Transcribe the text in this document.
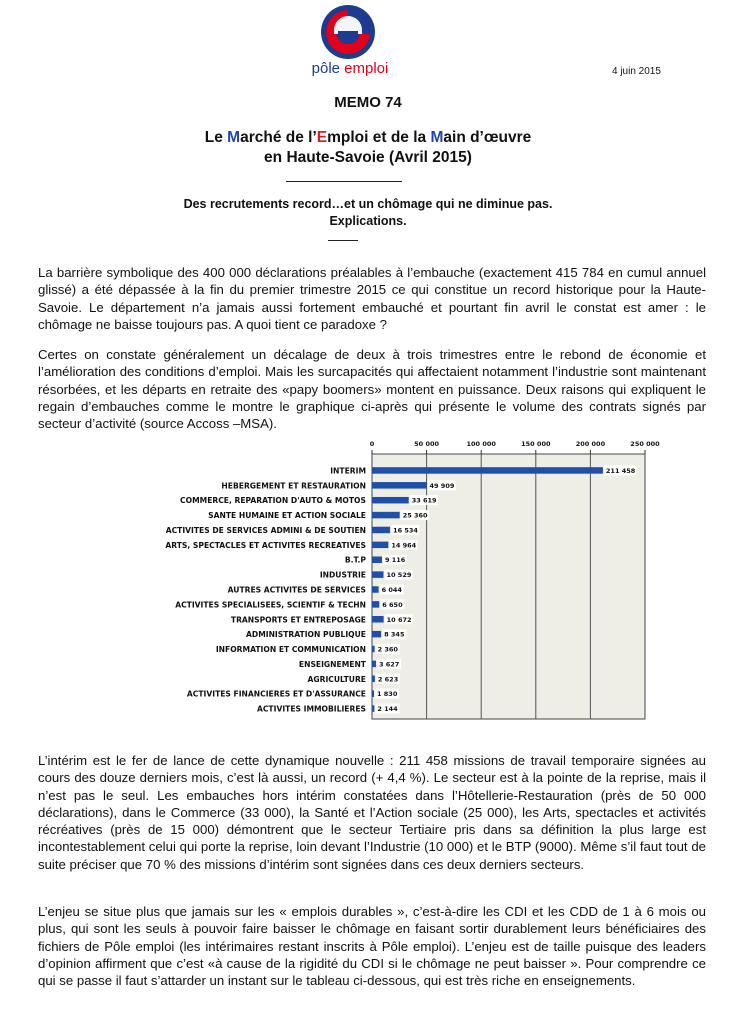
pôle emploi	4 juin 2015
MEMO 74
Le Marché de l’Emploi et de la Main d’œuvre
en Haute-Savoie (Avril 2015)
Des recrutements record…et un chômage qui ne diminue pas.
Explications.

La barrière symbolique des 400 000 déclarations préalables à l’embauche (exactement 415 784 en cumul annuel glissé) a été dépassée à la fin du premier trimestre 2015 ce qui constitue un record historique pour la Haute-Savoie. Le département n’a jamais aussi fortement embauché et pourtant fin avril le constat est amer : le chômage ne baisse toujours pas. A quoi tient ce paradoxe ?

Certes on constate généralement un décalage de deux à trois trimestres entre le rebond de économie et l’amélioration des conditions d’emploi. Mais les surcapacités qui affectaient notamment l’industrie sont maintenant résorbées, et les départs en retraite des «papy boomers» montent en puissance. Deux raisons qui expliquent le regain d’embauches comme le montre le graphique ci-après qui présente le volume des contrats signés par secteur d’activité (source Accoss –MSA).

0	50 000	100 000	150 000	200 000	250 000
INTERIM	211 458
HEBERGEMENT ET RESTAURATION	49 909
COMMERCE, REPARATION D'AUTO & MOTOS	33 619
SANTE HUMAINE ET ACTION SOCIALE	25 360
ACTIVITES DE SERVICES ADMINI & DE SOUTIEN	16 534
ARTS, SPECTACLES ET ACTIVITES RECREATIVES	14 964
B.T.P	9 116
INDUSTRIE	10 529
AUTRES ACTIVITES DE SERVICES 6 044
ACTIVITES SPECIALISEES, SCIENTIF & TECHN	6 650
TRANSPORTS ET ENTREPOSAGE	10 672
ADMINISTRATION PUBLIQUE	8 345
INFORMATION ET COMMUNICATION 2 360
ENSEIGNEMENT 3 627
AGRICULTURE 2 623
ACTIVITES FINANCIERES ET D'ASSURANCE 1 830
ACTIVITES IMMOBILIERES 2 144

L’intérim est le fer de lance de cette dynamique nouvelle : 211 458 missions de travail temporaire signées au cours des douze derniers mois, c’est là aussi, un record (+ 4,4 %). Le secteur est à la pointe de la reprise, mais il n’est pas le seul. Les embauches hors intérim constatées dans l’Hôtellerie-Restauration (près de 50 000 déclarations), dans le Commerce (33 000), la Santé et l’Action sociale (25 000), les Arts, spectacles et activités récréatives (près de 15 000) démontrent que le secteur Tertiaire pris dans sa définition la plus large est incontestablement celui qui porte la reprise, loin devant l’Industrie (10 000) et le BTP (9000). Même s’il faut tout de suite préciser que 70 % des missions d’intérim sont signées dans ces deux derniers secteurs.

L’enjeu se situe plus que jamais sur les « emplois durables », c’est-à-dire les CDI et les CDD de 1 à 6 mois ou plus, qui sont les seuls à pouvoir faire baisser le chômage en faisant sortir durablement leurs bénéficiaires des fichiers de Pôle emploi (les intérimaires restant inscrits à Pôle emploi). L’enjeu est de taille puisque des leaders d’opinion affirment que c’est «à cause de la rigidité du CDI si le chômage ne peut baisser ». Pour comprendre ce qui se passe il faut s’attarder un instant sur le tableau ci-dessous, qui est très riche en enseignements.
